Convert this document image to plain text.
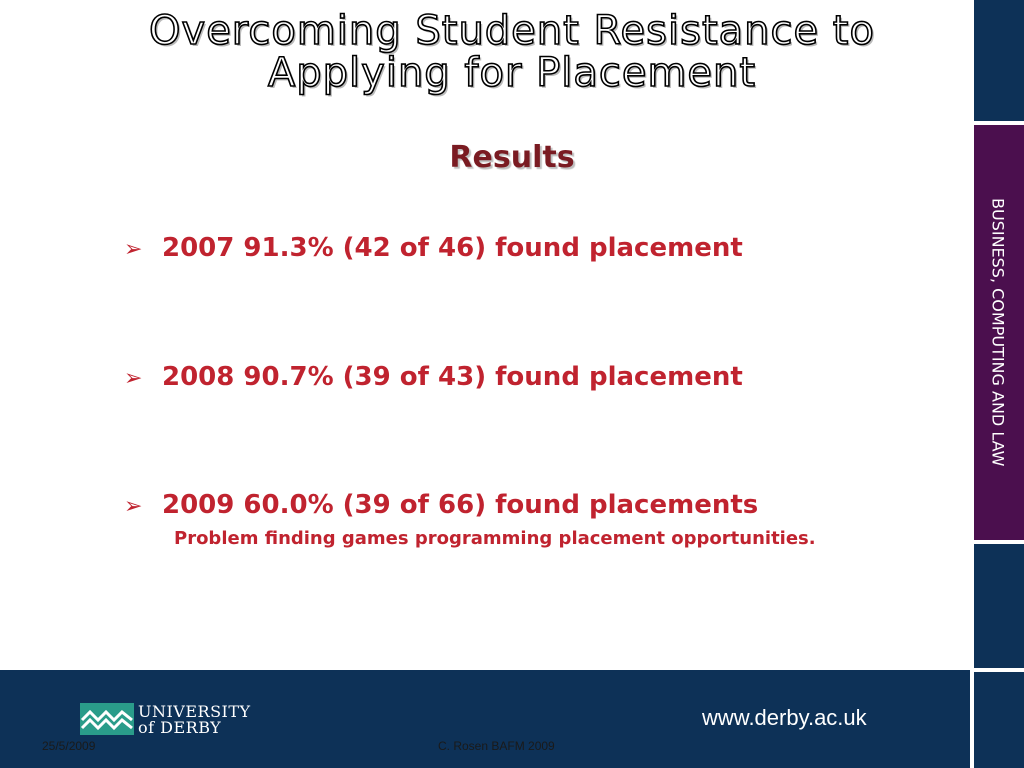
Overcoming Student Resistance to
Applying for Placement
Results
➢ 2007 91.3% (42 of 46) found placement
➢ 2008 90.7% (39 of 43) found placement
➢ 2009 60.0% (39 of 66) found placements
Problem finding games programming placement opportunities.
BUSINESS, COMPUTING AND LAW
UNIVERSITY
of DERBY	www.derby.ac.uk
25/5/2009	C. Rosen BAFM 2009
